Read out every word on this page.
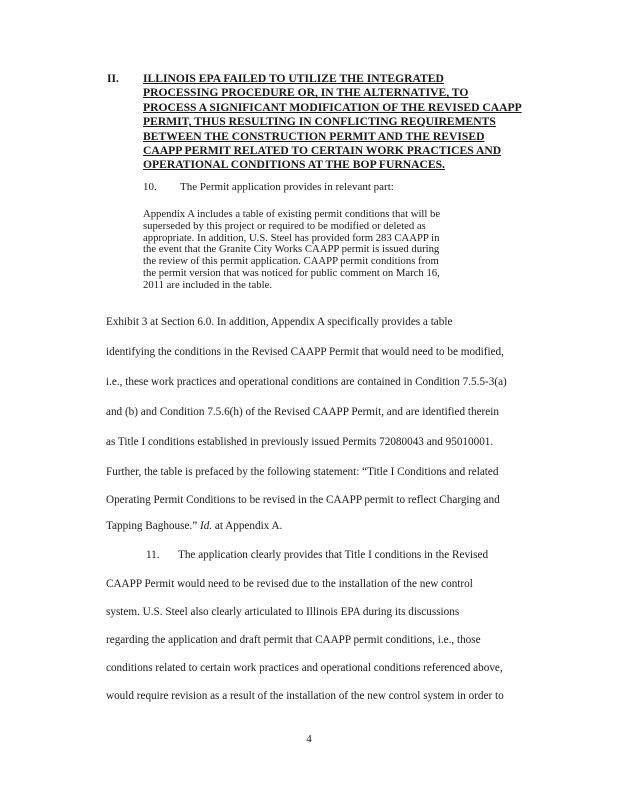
II. ILLINOIS EPA FAILED TO UTILIZE THE INTEGRATED
PROCESSING PROCEDURE OR, IN THE ALTERNATIVE, TO
PROCESS A SIGNIFICANT MODIFICATION OF THE REVISED CAAPP
PERMIT, THUS RESULTING IN CONFLICTING REQUIREMENTS
BETWEEN THE CONSTRUCTION PERMIT AND THE REVISED
CAAPP PERMIT RELATED TO CERTAIN WORK PRACTICES AND
OPERATIONAL CONDITIONS AT THE BOP FURNACES.
10. The Permit application provides in relevant part:
Appendix A includes a table of existing permit conditions that will be
superseded by this project or required to be modified or deleted as
appropriate. In addition, U.S. Steel has provided form 283 CAAPP in
the event that the Granite City Works CAAPP permit is issued during
the review of this permit application. CAAPP permit conditions from
the permit version that was noticed for public comment on March 16,
2011 are included in the table.
Exhibit 3 at Section 6.0. In addition, Appendix A specifically provides a table
identifying the conditions in the Revised CAAPP Permit that would need to be modified,
i.e., these work practices and operational conditions are contained in Condition 7.5.5-3(a)
and (b) and Condition 7.5.6(h) of the Revised CAAPP Permit, and are identified therein
as Title I conditions established in previously issued Permits 72080043 and 95010001.
Further, the table is prefaced by the following statement: “Title I Conditions and related
Operating Permit Conditions to be revised in the CAAPP permit to reflect Charging and
Tapping Baghouse.” Id. at Appendix A.
11. The application clearly provides that Title I conditions in the Revised
CAAPP Permit would need to be revised due to the installation of the new control
system. U.S. Steel also clearly articulated to Illinois EPA during its discussions
regarding the application and draft permit that CAAPP permit conditions, i.e., those
conditions related to certain work practices and operational conditions referenced above,
would require revision as a result of the installation of the new control system in order to
4
